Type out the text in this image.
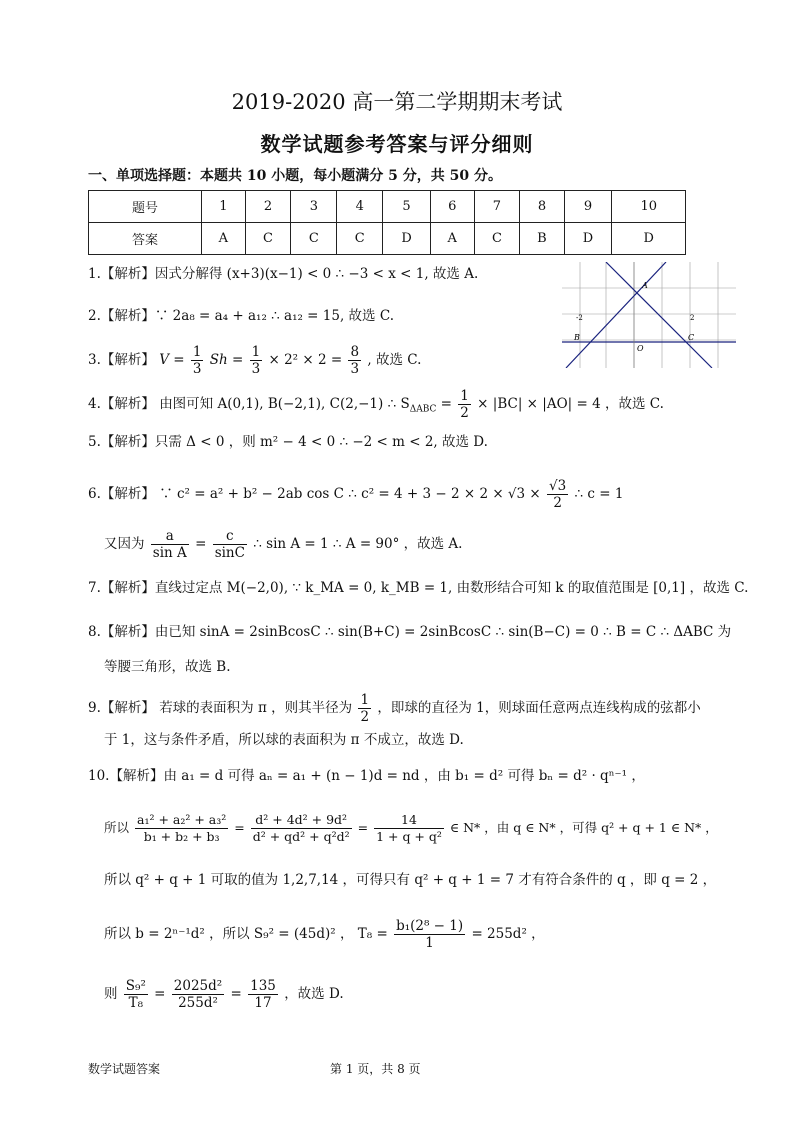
2019-2020 高一第二学期期末考试
数学试题参考答案与评分细则
一、单项选择题：本题共 10 小题，每小题满分 5 分，共 50 分。
题号	1	2	3	4	5	6	7	8	9	10
答案	A	C	C	C	D	A	C	B	D	D
A
B	C
O
-2	2
1.【解析】因式分解得 (x+3)(x−1) < 0 ∴ −3 < x < 1, 故选 A.
2.【解析】∵ 2a₈ = a₄ + a₁₂ ∴ a₁₂ = 15, 故选 C.
3.【解析】 $V = \frac{1}{3}$ $Sh = \frac{1}{3} \times 2^2 \times 2 = \frac{8}{3}$ , 故选 C.
4.【解析】 由图可知 A(0,1), B(−2,1), C(2,−1) ∴ $S_{\Delta ABC} = \frac{1}{2} \times |BC| \times |AO| = 4$ ，故选 C.
5.【解析】只需 Δ < 0 ，则 m² − 4 < 0 ∴ −2 < m < 2, 故选 D.
6.【解析】 ∵ c² = a² + b² − 2ab cos C ∴ $c^2 = 4 + 3 - 2 \times 2 \times √3 \times \frac{√3}{2}$ ∴ c = 1
又因为 $\frac{a}{\text{sin A}} = \frac{c}{\sin C}$ ∴ sin A = 1 ∴ A = 90° ，故选 A.
7.【解析】直线过定点 M(−2,0), ∵ k_MA = 0, k_MB = 1, 由数形结合可知 k 的取值范围是 [0,1] ，故选 C.
8.【解析】由已知 sinA = 2sinBcosC ∴ sin(B+C) = 2sinBcosC ∴ sin(B−C) = 0 ∴ B = C ∴ ΔABC 为
等腰三角形，故选 B.
9.【解析】 若球的表面积为 π ，则其半径为 $\frac{1}{2}$ ，即球的直径为 1，则球面任意两点连线构成的弦都小
于 1，这与条件矛盾，所以球的表面积为 π 不成立，故选 D.
10.【解析】由 a₁ = d 可得 aₙ = a₁ + (n − 1)d = nd ，由 b₁ = d² 可得 bₙ = d² · qⁿ⁻¹ ，
所以 $\frac{\text{a₁² + a₂² + a₃²}}{\text{b₁ + b₂ + b₃}} = \frac{\text{d² + 4d² + 9d²}}{\text{d² + qd² + q²d²}} = \frac{14}{\text{1 + q + q²}}$ ∈ N* ，由 q ∈ N* ，可得 q² + q + 1 ∈ N* ，
所以 q² + q + 1 可取的值为 1,2,7,14 ，可得只有 q² + q + 1 = 7 才有符合条件的 q ，即 q = 2 ，
所以 b = 2ⁿ⁻¹d² ，所以 S₉² = (45d)² ， $T_8 = \frac{\text{b₁(2⁸ − 1)}}{1} = 255d^2$ ，
则 $\frac{\text{S₉²}}{\text{T₈}} = \frac{\text{2025d²}}{\text{255d²}} = \frac{135}{17}$ ，故选 D.
数学试题答案	第 1 页，共 8 页
